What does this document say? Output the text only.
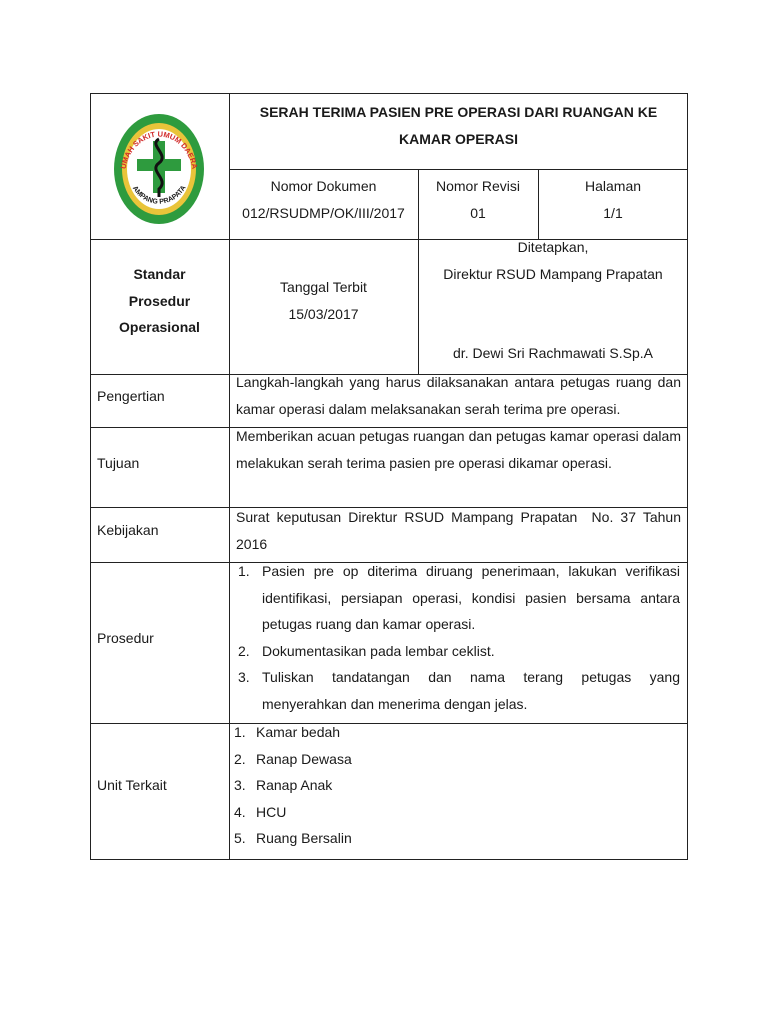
UMAH SAKIT UMUM DAERA
AMPANG PRAPATA
SERAH TERIMA PASIEN PRE OPERASI DARI RUANGAN KE
KAMAR OPERASI
Nomor Dokumen
012/RSUDMP/OK/III/2017
Nomor Revisi
01
Halaman
1/1
Standar
Prosedur
Operasional
Tanggal Terbit
15/03/2017
Ditetapkan,
Direktur RSUD Mampang Prapatan
dr. Dewi Sri Rachmawati S.Sp.A
Pengertian
Langkah-langkah yang harus dilaksanakan antara petugas ruang dan kamar operasi dalam melaksanakan serah terima pre operasi.
Tujuan
Memberikan acuan petugas ruangan dan petugas kamar operasi dalam melakukan serah terima pasien pre operasi dikamar operasi.
Kebijakan
Surat keputusan Direktur RSUD Mampang Prapatan  No. 37 Tahun 2016
Prosedur
1. Pasien pre op diterima diruang penerimaan, lakukan verifikasi identifikasi, persiapan operasi, kondisi pasien bersama antara petugas ruang dan kamar operasi.
2. Dokumentasikan pada lembar ceklist.
3. Tuliskan tandatangan dan nama terang petugas yang menyerahkan dan menerima dengan jelas.
Unit Terkait
1. Kamar bedah
2. Ranap Dewasa
3. Ranap Anak
4. HCU
5. Ruang Bersalin
